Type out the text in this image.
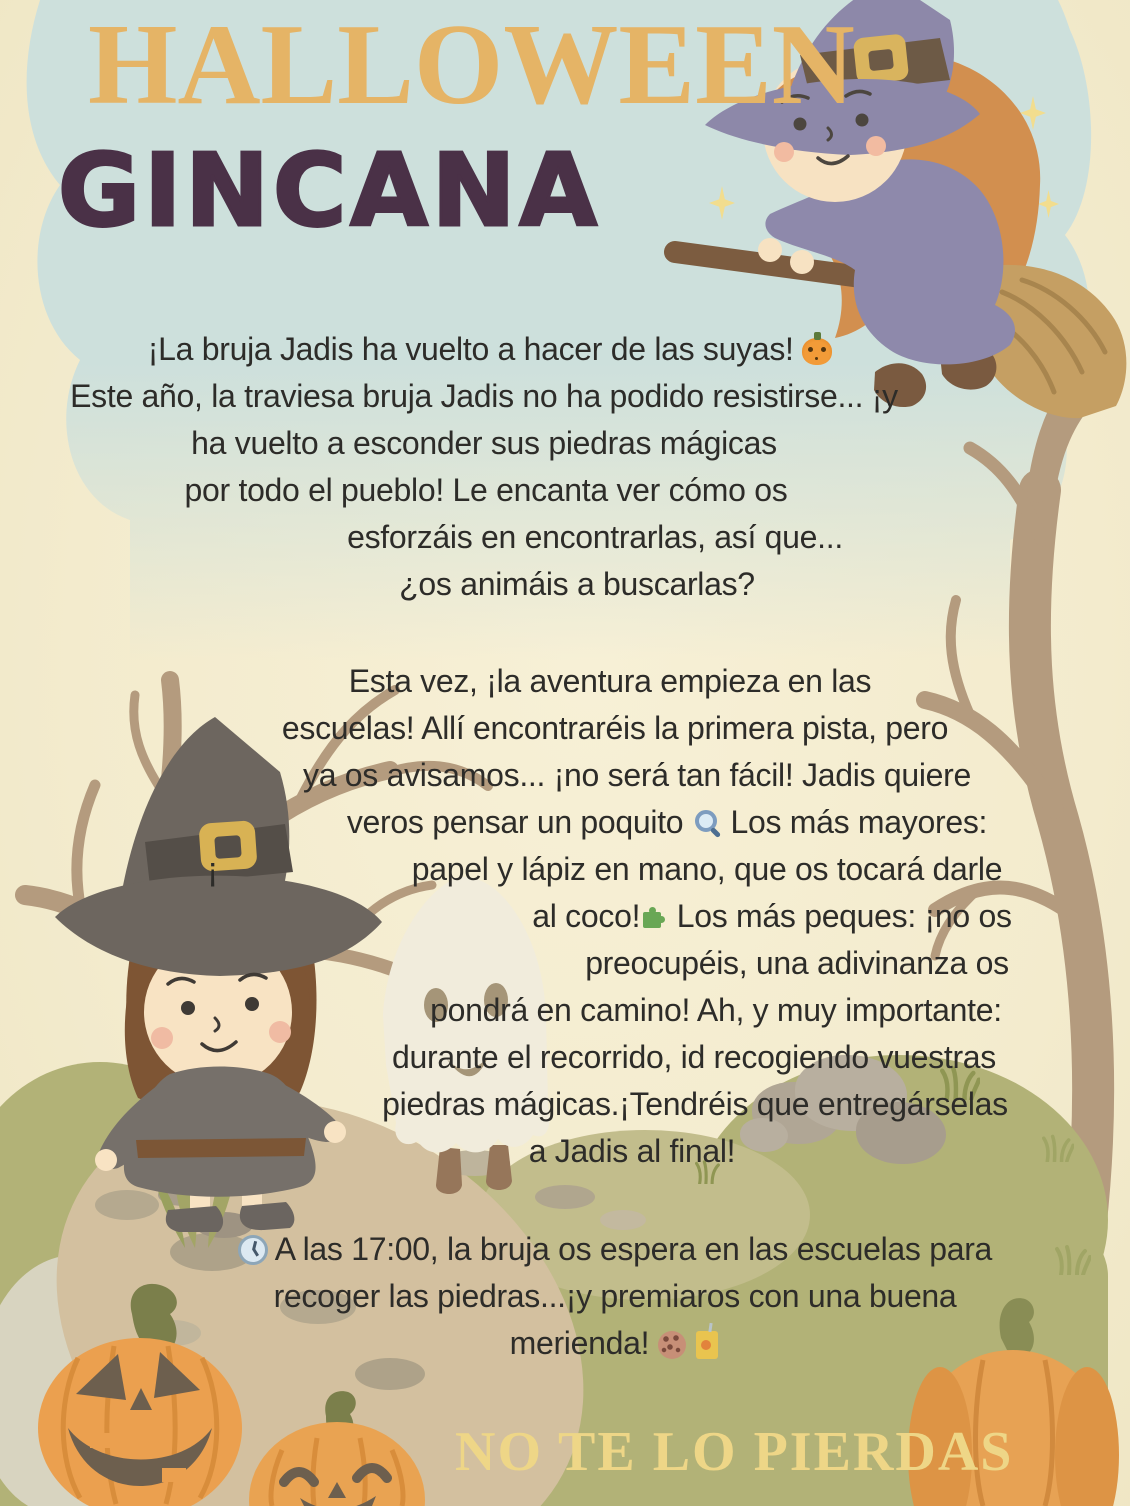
HALLOWEEN
GINCANA
¡La bruja Jadis ha vuelto a hacer de las suyas!
Este año, la traviesa bruja Jadis no ha podido resistirse... ¡y
ha vuelto a esconder sus piedras mágicas
por todo el pueblo! Le encanta ver cómo os
esforzáis en encontrarlas, así que...
¿os animáis a buscarlas?
Esta vez, ¡la aventura empieza en las
escuelas! Allí encontraréis la primera pista, pero
ya os avisamos... ¡no será tan fácil! Jadis quiere
veros pensar un poquito  Los más mayores:
papel y lápiz en mano, que os tocará darle
al coco! Los más peques: ¡no os
preocupéis, una adivinanza os
pondrá en camino! Ah, y muy importante:
durante el recorrido, id recogiendo vuestras
piedras mágicas.¡Tendréis que entregárselas
a Jadis al final!
A las 17:00, la bruja os espera en las escuelas para
recoger las piedras...¡y premiaros con una buena
merienda!
¡
NO TE LO PIERDAS
